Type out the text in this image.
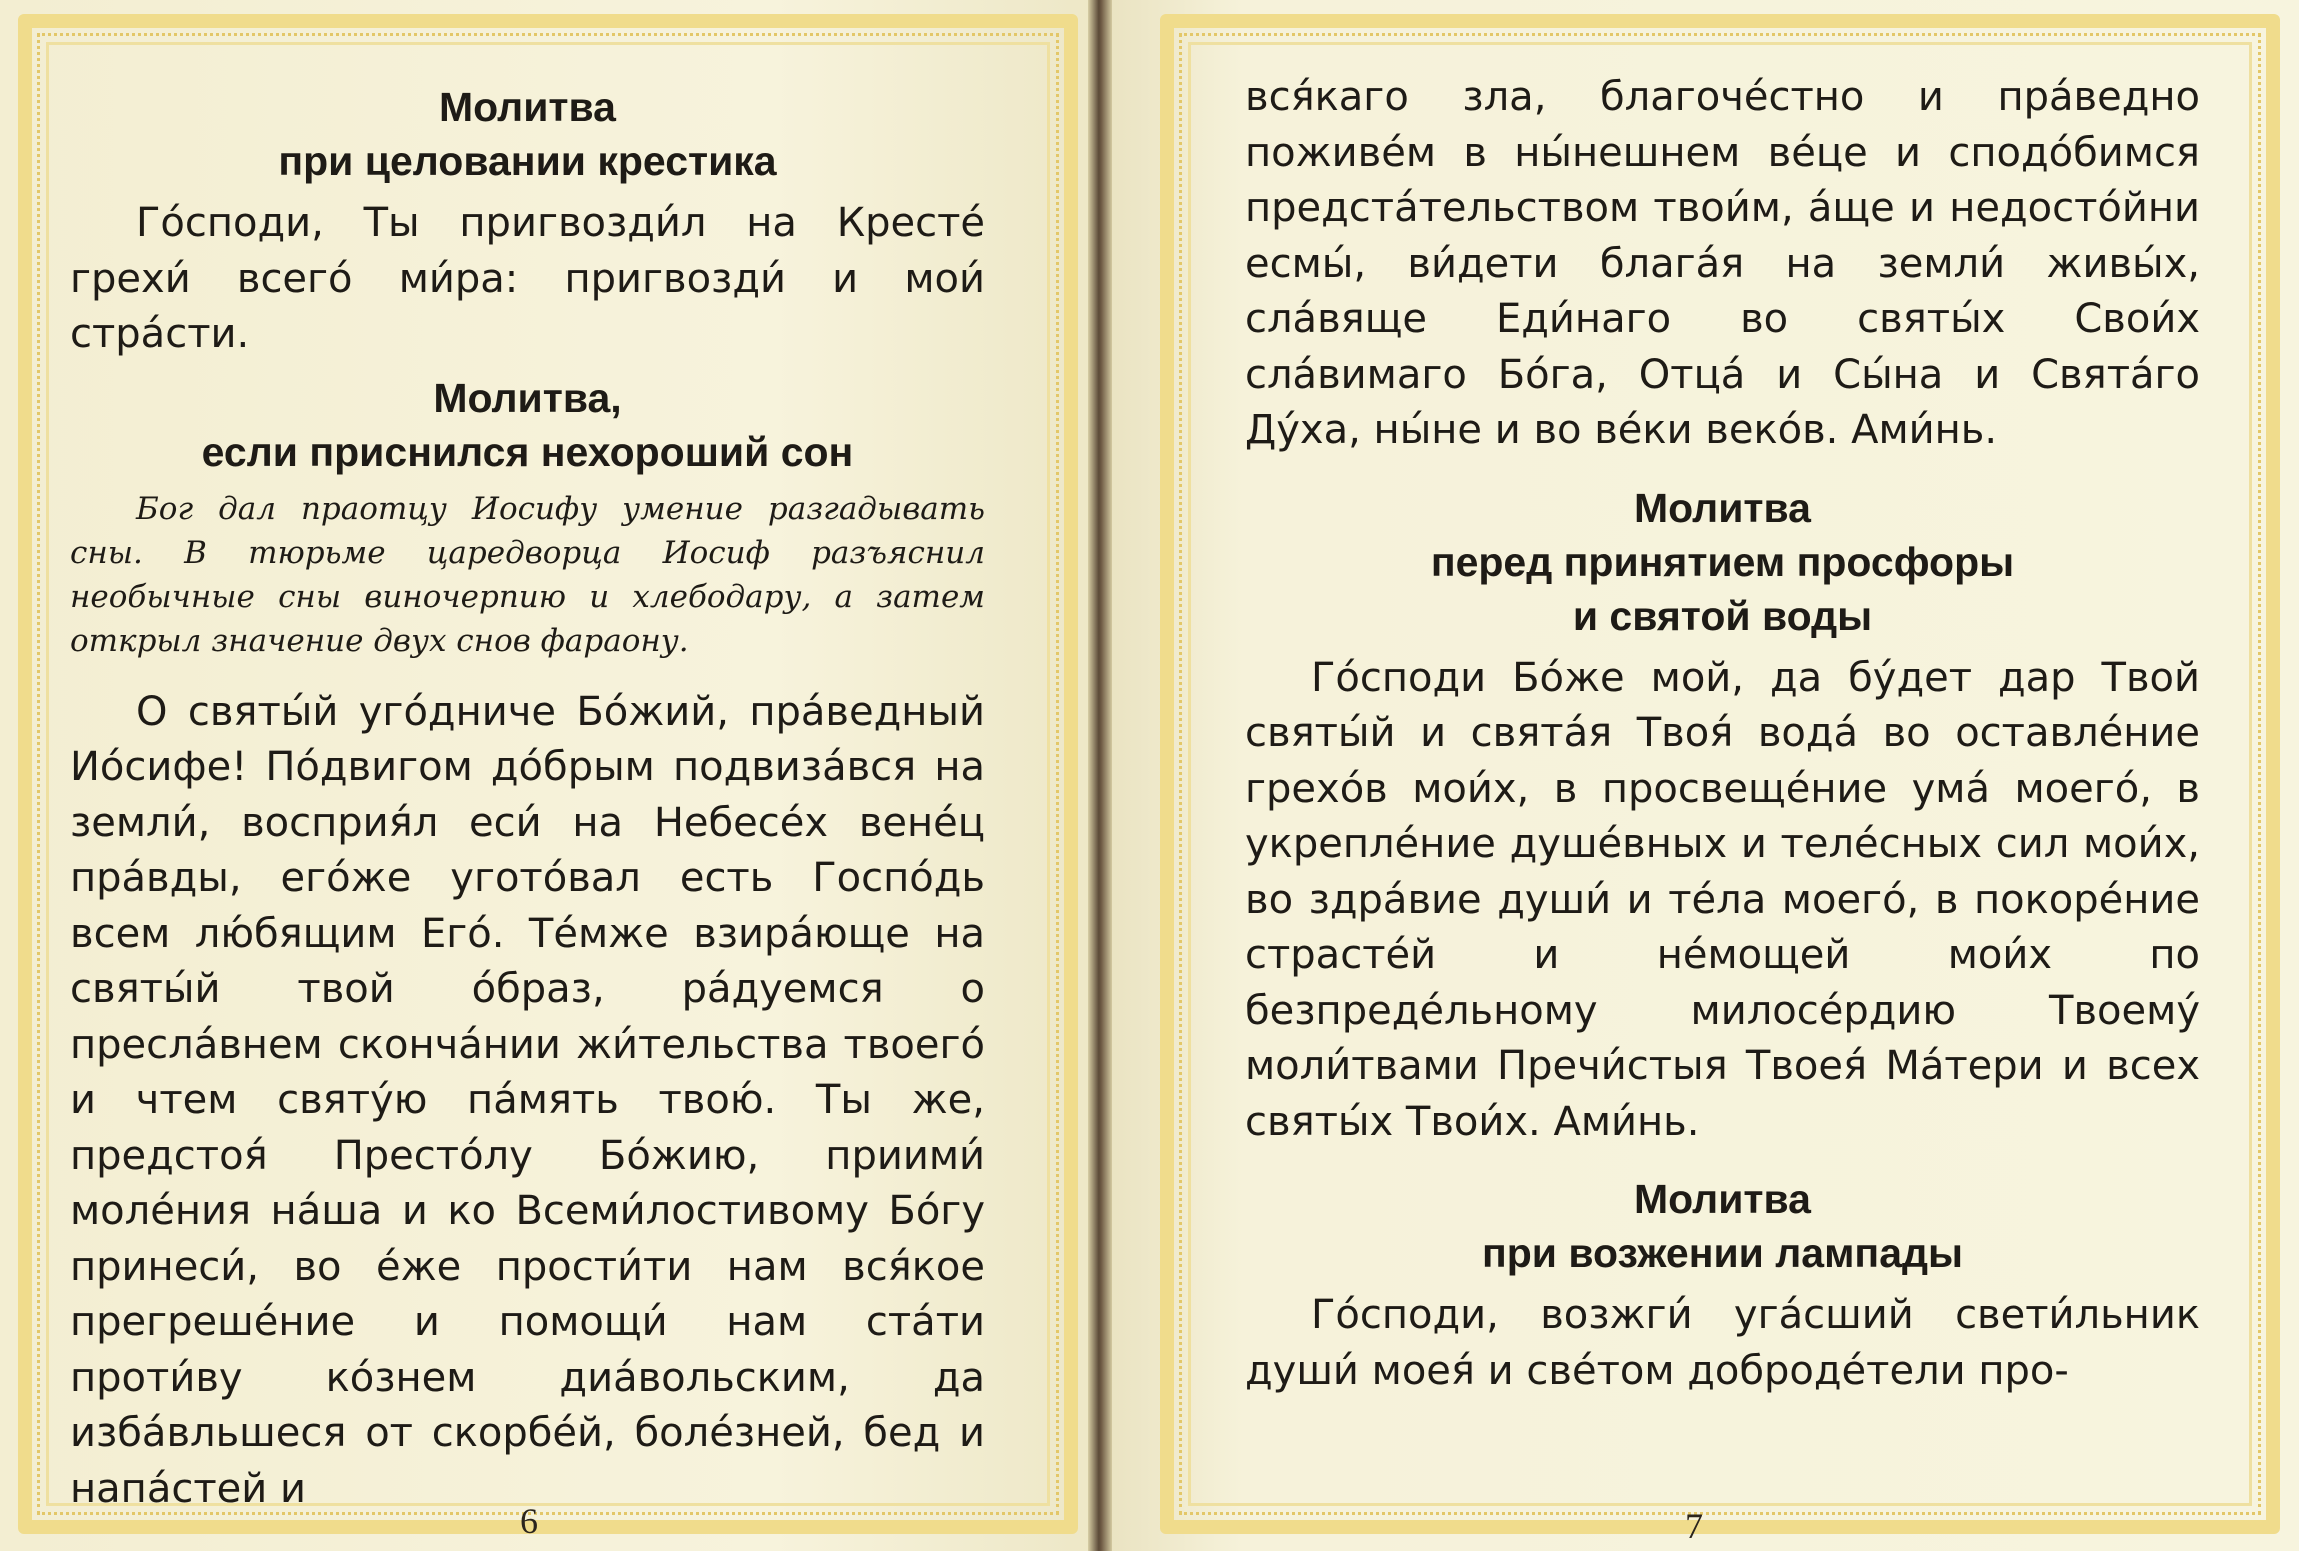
Молитва
при целовании крестика

Го́споди, Ты пригвозди́л на Кресте́ грехи́ всего́ ми́ра: пригвозди́ и мои́ стра́сти.

Молитва,
если приснился нехороший сон

Бог дал праотцу Иосифу умение разгадывать сны. В тюрьме царедворца Иосиф разъяснил необычные сны виночерпию и хлебодару, а затем открыл значение двух снов фараону.

О святы́й уго́дниче Бо́жий, пра́ведный Ио́сифе! По́двигом до́брым подвиза́вся на земли́, восприя́л еси́ на Небесе́х вене́ц пра́вды, его́же угото́вал есть Госпо́дь всем лю́бящим Его́. Те́мже взира́юще на святы́й твой о́браз, ра́дуемся о пресла́внем сконча́нии жи́тельства твоего́ и чтем святу́ю па́мять твою́. Ты же, предстоя́ Престо́лу Бо́жию, приими́ моле́ния на́ша и ко Всеми́лостивому Бо́гу принеси́, во е́же прости́ти нам вся́кое прегреше́ние и помощи́ нам ста́ти проти́ву ко́знем диа́вольским, да изба́вльшеся от скорбе́й, боле́зней, бед и напа́стей и

6

вся́каго зла, благоче́стно и пра́ведно поживе́м в ны́нешнем ве́це и сподо́бимся предста́тельством твои́м, а́ще и недосто́йни есмы́, ви́дети блага́я на земли́ живы́х, сла́вяще Еди́наго во святы́х Свои́х сла́вимаго Бо́га, Отца́ и Сы́на и Свята́го Ду́ха, ны́не и во ве́ки веко́в. Ами́нь.

Молитва
перед принятием просфоры
и святой воды

Го́споди Бо́же мой, да бу́дет дар Твой святы́й и свята́я Твоя́ вода́ во оставле́ние грехо́в мои́х, в просвеще́ние ума́ моего́, в укрепле́ние душе́вных и теле́сных сил мои́х, во здра́вие души́ и те́ла моего́, в покоре́ние страсте́й и не́мощей мои́х по безпреде́льному милосе́рдию Твоему́ моли́твами Пречи́стыя Твоея́ Ма́тери и всех святы́х Твои́х. Ами́нь.

Молитва
при возжении лампады

Го́споди, возжги́ уга́сший свети́льник души́ моея́ и све́том доброде́тели про-

7
